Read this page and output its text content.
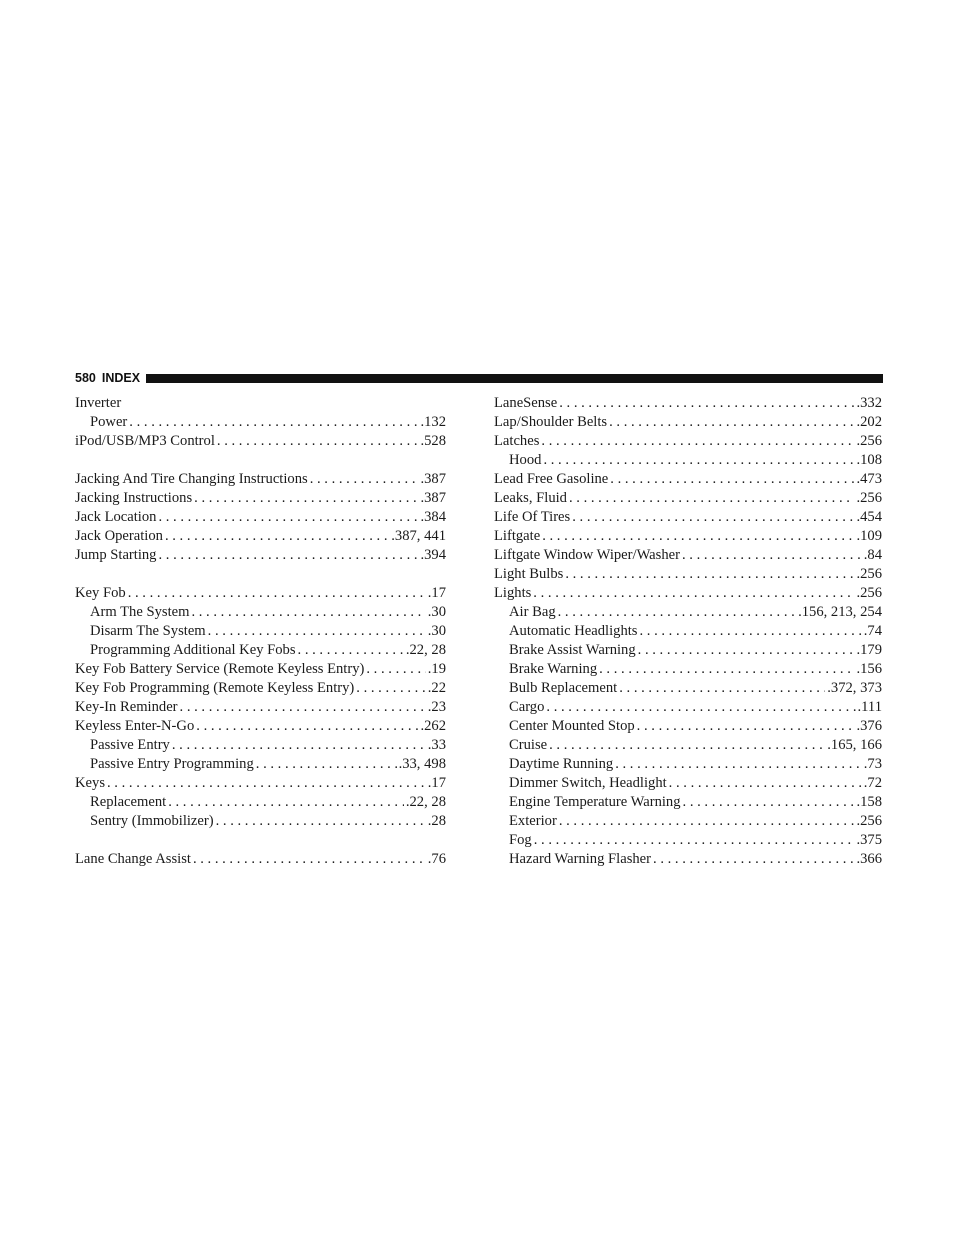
580 INDEX
Inverter
Power . . .	.132
iPod/USB/MP3 Control . . .	.528
Jacking And Tire Changing Instructions . . .	.387
Jacking Instructions . . .	.387
Jack Location . . .	.384
Jack Operation . . .	.387, 441
Jump Starting . . .	.394
Key Fob . . .	.17
Arm The System . . .	.30
Disarm The System . . .	.30
Programming Additional Key Fobs . . .	.22, 28
Key Fob Battery Service (Remote Keyless Entry) . . .	.19
Key Fob Programming (Remote Keyless Entry) . . .	.22
Key-In Reminder . . .	.23
Keyless Enter-N-Go . . .	.262
Passive Entry . . .	.33
Passive Entry Programming . . .	.33, 498
Keys . . .	.17
Replacement . . .	.22, 28
Sentry (Immobilizer) . . .	.28
Lane Change Assist . . .	.76
LaneSense . . .	.332
Lap/Shoulder Belts . . .	.202
Latches . . .	.256
Hood . . .	.108
Lead Free Gasoline . . .	.473
Leaks, Fluid . . .	.256
Life Of Tires . . .	.454
Liftgate . . .	.109
Liftgate Window Wiper/Washer . . .	.84
Light Bulbs . . .	.256
Lights . . .	.256
Air Bag . . .	.156, 213, 254
Automatic Headlights . . .	.74
Brake Assist Warning . . .	.179
Brake Warning . . .	.156
Bulb Replacement . . .	.372, 373
Cargo . . .	.111
Center Mounted Stop . . .	.376
Cruise . . .	.165, 166
Daytime Running . . .	.73
Dimmer Switch, Headlight . . .	.72
Engine Temperature Warning . . .	.158
Exterior . . .	.256
Fog . . .	.375
Hazard Warning Flasher . . .	.366
